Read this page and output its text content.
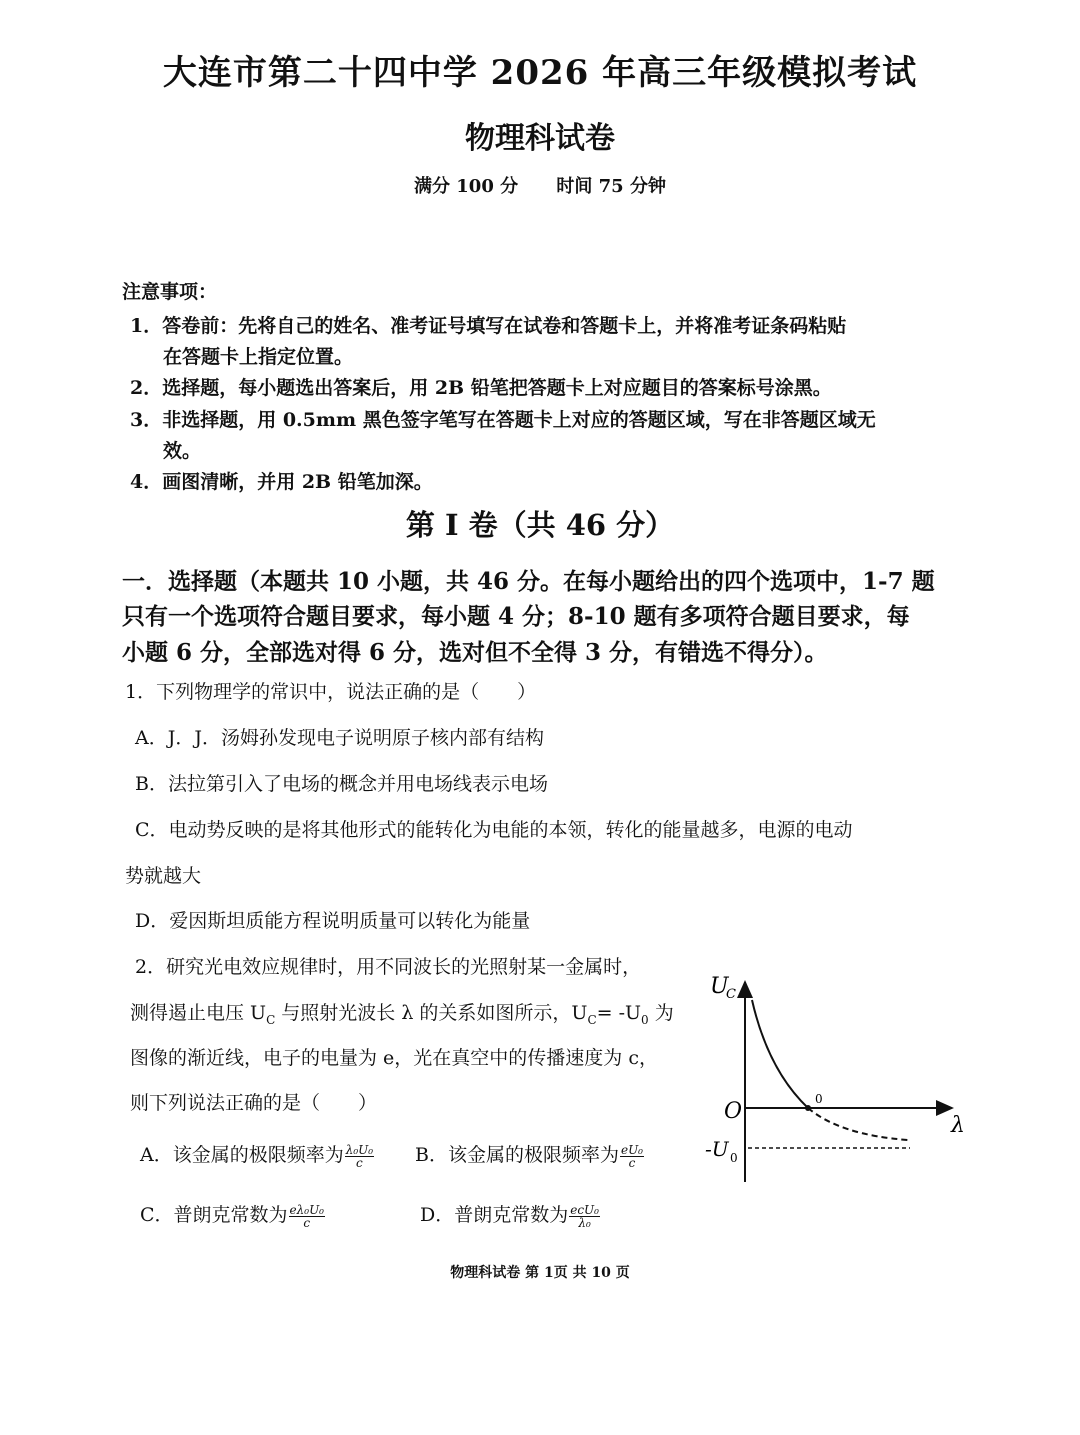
大连市第二十四中学 2026 年高三年级模拟考试
物理科试卷
满分 100 分 时间 75 分钟
注意事项：
1．答卷前：先将自己的姓名、准考证号填写在试卷和答题卡上，并将准考证条码粘贴
在答题卡上指定位置。
2．选择题，每小题选出答案后，用 2B 铅笔把答题卡上对应题目的答案标号涂黑。
3．非选择题，用 0.5mm 黑色签字笔写在答题卡上对应的答题区域，写在非答题区域无
效。
4．画图清晰，并用 2B 铅笔加深。
第 I 卷（共 46 分）
一．选择题（本题共 10 小题，共 46 分。在每小题给出的四个选项中，1-7 题
只有一个选项符合题目要求，每小题 4 分；8-10 题有多项符合题目要求，每
小题 6 分，全部选对得 6 分，选对但不全得 3 分，有错选不得分）。
1．下列物理学的常识中，说法正确的是（　　）
A．J．J．汤姆孙发现电子说明原子核内部有结构
B．法拉第引入了电场的概念并用电场线表示电场
C．电动势反映的是将其他形式的能转化为电能的本领，转化的能量越多，电源的电动
势就越大
D．爱因斯坦质能方程说明质量可以转化为能量
2．研究光电效应规律时，用不同波长的光照射某一金属时，
测得遏止电压 $U_C$ 与照射光波长 λ 的关系如图所示，$U_C= -U_0$ 为
图像的渐近线，电子的电量为 e，光在真空中的传播速度为 c，
则下列说法正确的是（　　）
A．该金属的极限频率为 $\frac{\text{λ₀U₀}}{c}$ B．该金属的极限频率为 $\frac{\text{eU₀}}{c}$
C．普朗克常数为 $\frac{\text{eλ₀U₀}}{c}$	D．普朗克常数为 $\frac{\text{ecU₀}}{\text{λ₀}}$
U
C
O
λ
0
-U 0
物理科试卷 第 1页 共 10 页
